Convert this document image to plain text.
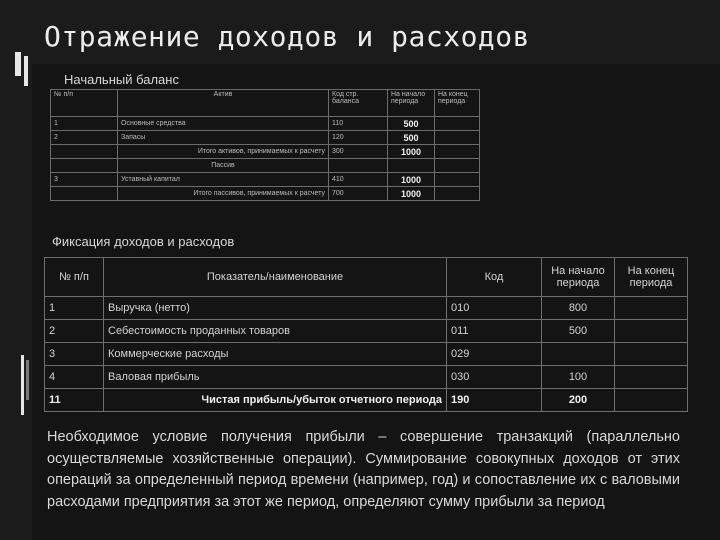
Отражение доходов и расходов
Начальный баланс
№ п/п	Актив	Код стр. баланса	На начало периода	На конец периода
1	Основные средства	110	500	
2	Запасы	120	500	
	Итого активов, принимаемых к расчету	300	1000	
	Пассив			
3	Уставный капитал	410	1000	
	Итого пассивов, принимаемых к расчету	700	1000	
Фиксация доходов и расходов
№ п/п	Показатель/наименование	Код	На начало периода	На конец периода
1	Выручка (нетто)	010	800	
2	Себестоимость проданных товаров	011	500	
3	Коммерческие расходы	029		
4	Валовая прибыль	030	100	
11	Чистая прибыль/убыток отчетного периода	190	200	
Необходимое условие получения прибыли – совершение транзакций (параллельно осуществляемые хозяйственные операции). Суммирование совокупных доходов от этих операций за определенный период времени (например, год) и сопоставление их с валовыми расходами предприятия за этот же период, определяют сумму прибыли за период
